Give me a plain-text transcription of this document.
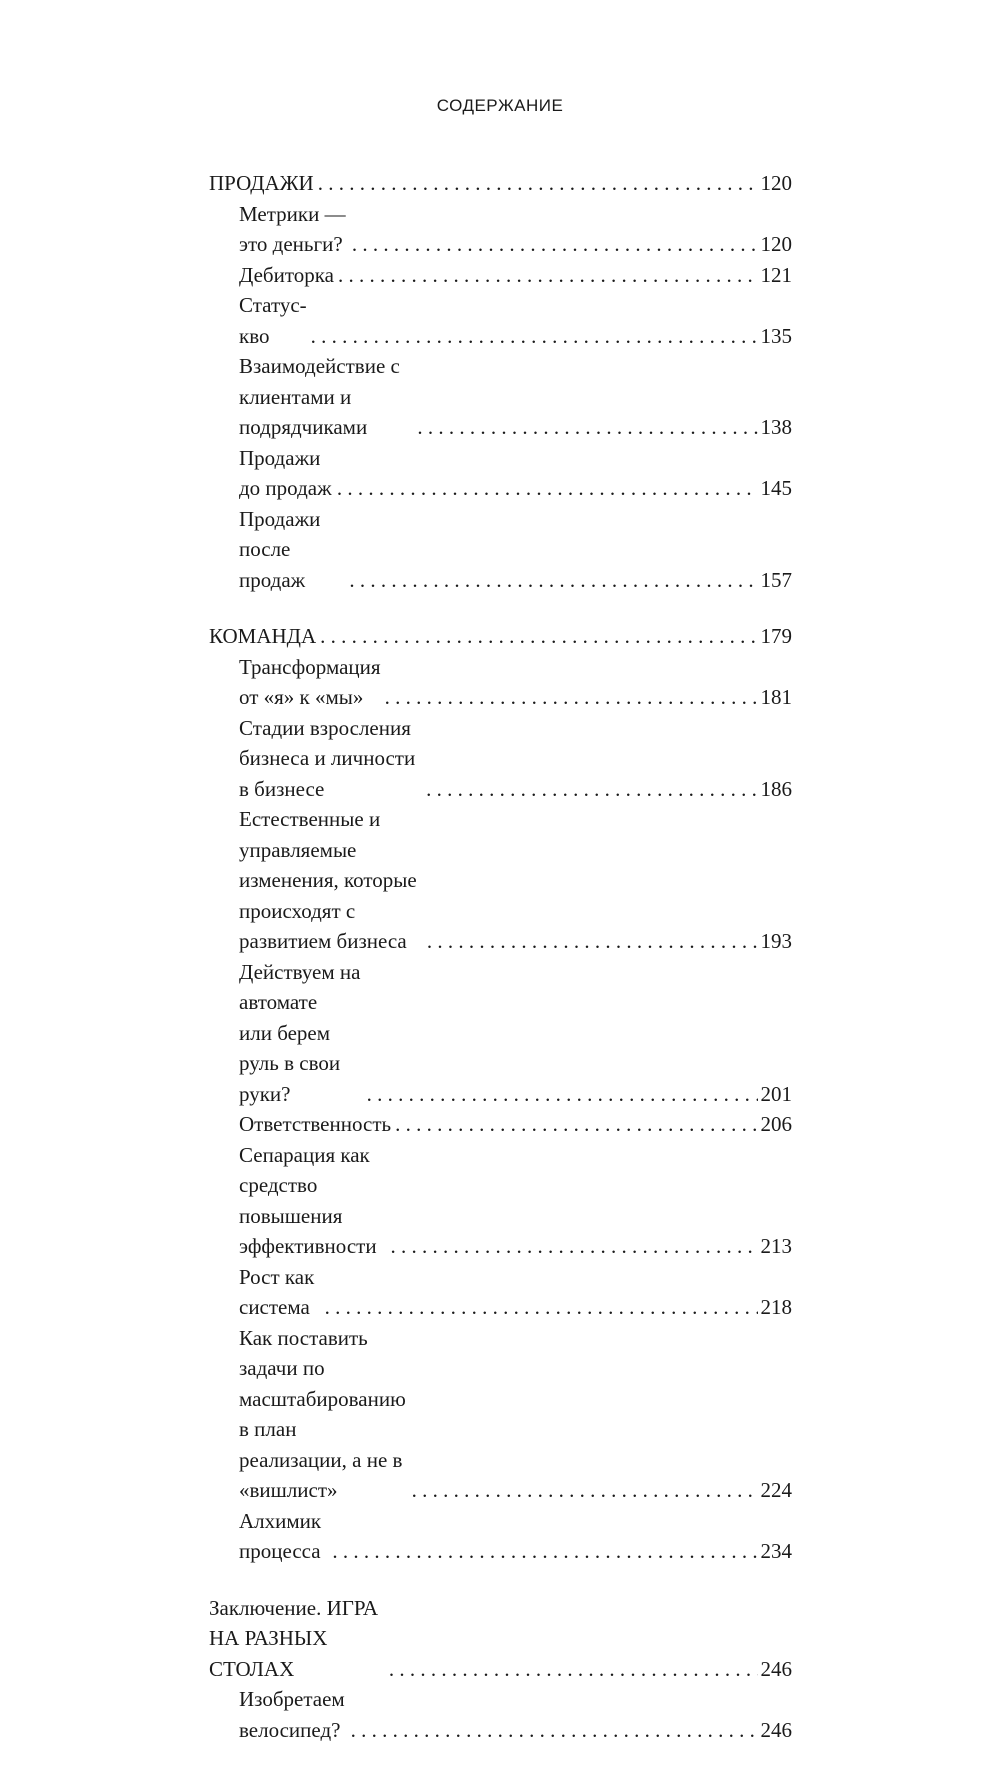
СОДЕРЖАНИЕ
ПРОДАЖИ . . .	120
Метрики — это деньги? . . .	120
Дебиторка . . .	121
Статус-кво . . .	135
Взаимодействие с клиентами и подрядчиками . . .	138
Продажи до продаж . . .	145
Продажи после продаж . . .	157
КОМАНДА . . .	179
Трансформация от «я» к «мы» . . .	181
Стадии взросления бизнеса и личности в бизнесе . . .	186
Естественные и управляемые изменения, которые
происходят с развитием бизнеса . . .	193
Действуем на автомате
или берем руль в свои руки? . . .	201
Ответственность . . .	206
Сепарация как средство повышения
эффективности . . .	213
Рост как система . . .	218
Как поставить задачи по масштабированию
в план реализации, а не в «вишлист» . . .	224
Алхимик процесса . . .	234
Заключение. ИГРА НА РАЗНЫХ СТОЛАХ . . .	246
Изобретаем велосипед? . . .	246
